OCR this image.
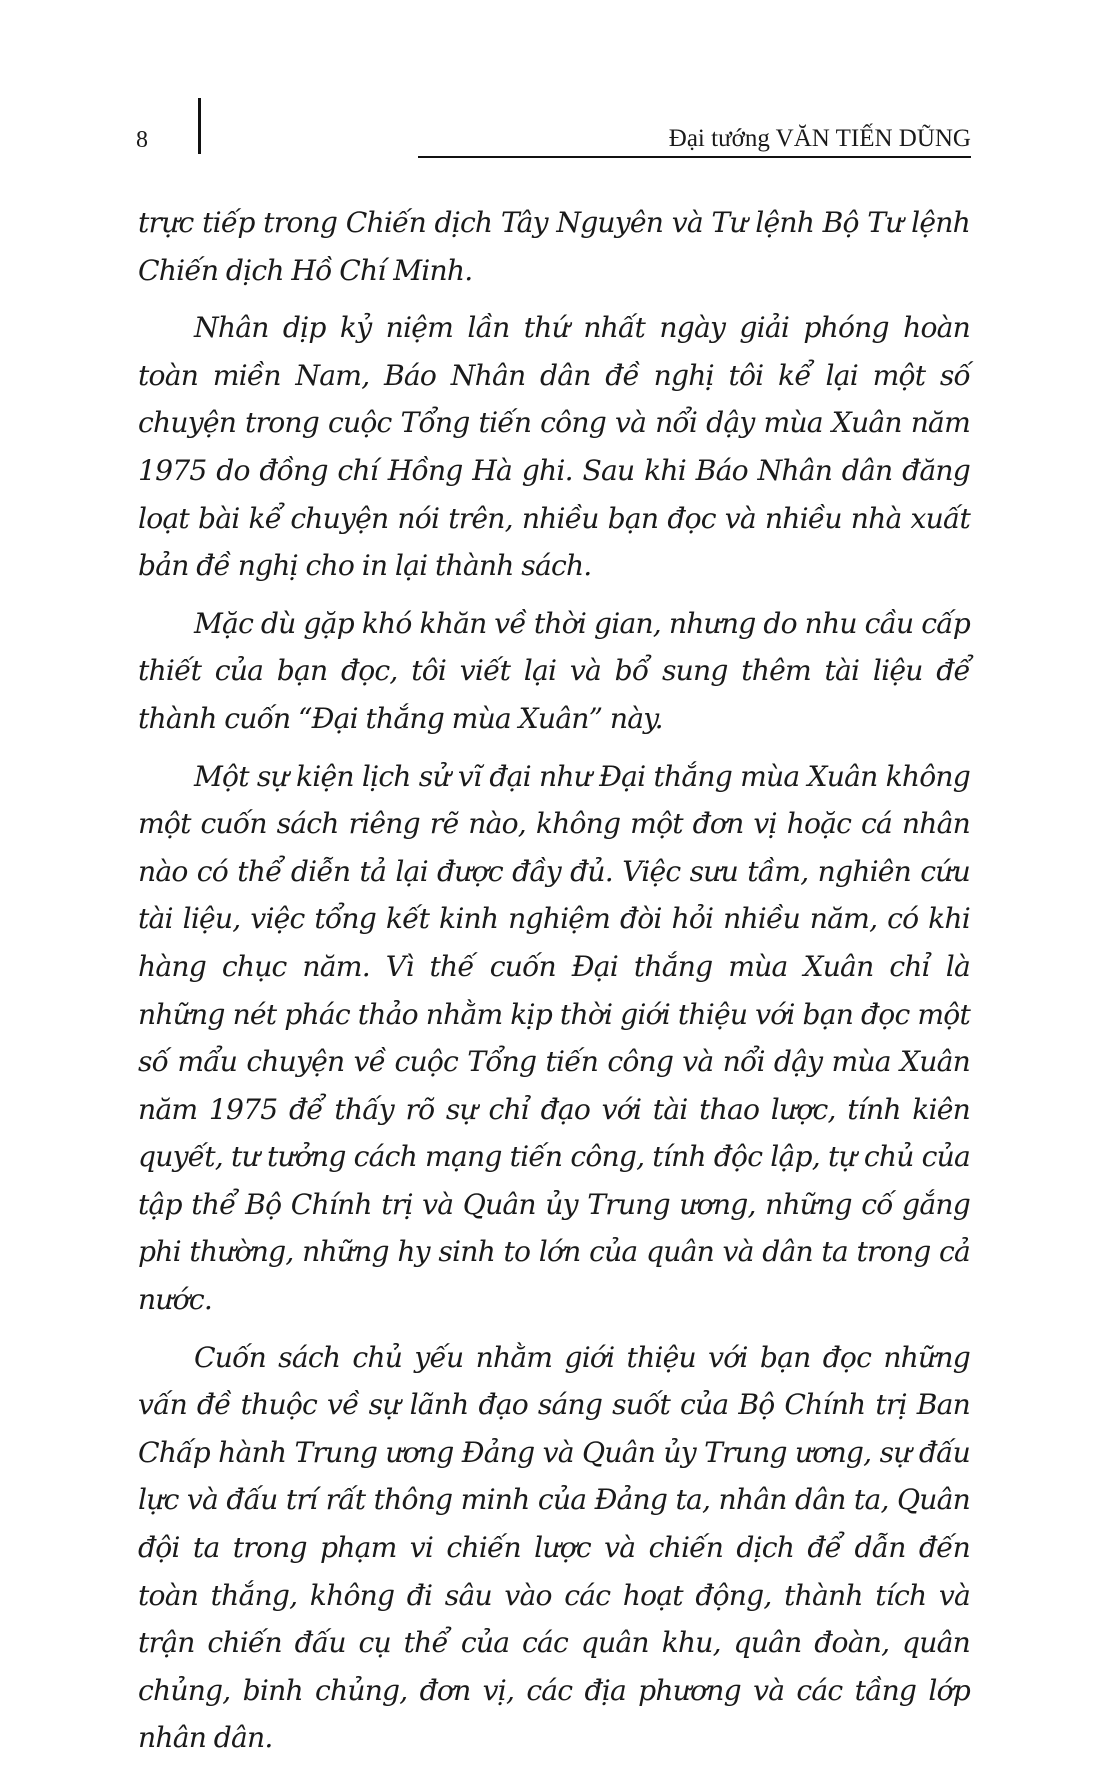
8	Đại tướng VĂN TIẾN DŨNG

trực tiếp trong Chiến dịch Tây Nguyên và Tư lệnh Bộ Tư lệnh Chiến dịch Hồ Chí Minh.

Nhân dịp kỷ niệm lần thứ nhất ngày giải phóng hoàn toàn miền Nam, Báo Nhân dân đề nghị tôi kể lại một số chuyện trong cuộc Tổng tiến công và nổi dậy mùa Xuân năm 1975 do đồng chí Hồng Hà ghi. Sau khi Báo Nhân dân đăng loạt bài kể chuyện nói trên, nhiều bạn đọc và nhiều nhà xuất bản đề nghị cho in lại thành sách.

Mặc dù gặp khó khăn về thời gian, nhưng do nhu cầu cấp thiết của bạn đọc, tôi viết lại và bổ sung thêm tài liệu để thành cuốn “Đại thắng mùa Xuân” này.

Một sự kiện lịch sử vĩ đại như Đại thắng mùa Xuân không một cuốn sách riêng rẽ nào, không một đơn vị hoặc cá nhân nào có thể diễn tả lại được đầy đủ. Việc sưu tầm, nghiên cứu tài liệu, việc tổng kết kinh nghiệm đòi hỏi nhiều năm, có khi hàng chục năm. Vì thế cuốn Đại thắng mùa Xuân chỉ là những nét phác thảo nhằm kịp thời giới thiệu với bạn đọc một số mẩu chuyện về cuộc Tổng tiến công và nổi dậy mùa Xuân năm 1975 để thấy rõ sự chỉ đạo với tài thao lược, tính kiên quyết, tư tưởng cách mạng tiến công, tính độc lập, tự chủ của tập thể Bộ Chính trị và Quân ủy Trung ương, những cố gắng phi thường, những hy sinh to lớn của quân và dân ta trong cả nước.

Cuốn sách chủ yếu nhằm giới thiệu với bạn đọc những vấn đề thuộc về sự lãnh đạo sáng suốt của Bộ Chính trị Ban Chấp hành Trung ương Đảng và Quân ủy Trung ương, sự đấu lực và đấu trí rất thông minh của Đảng ta, nhân dân ta, Quân đội ta trong phạm vi chiến lược và chiến dịch để dẫn đến toàn thắng, không đi sâu vào các hoạt động, thành tích và trận chiến đấu cụ thể của các quân khu, quân đoàn, quân chủng, binh chủng, đơn vị, các địa phương và các tầng lớp nhân dân.
